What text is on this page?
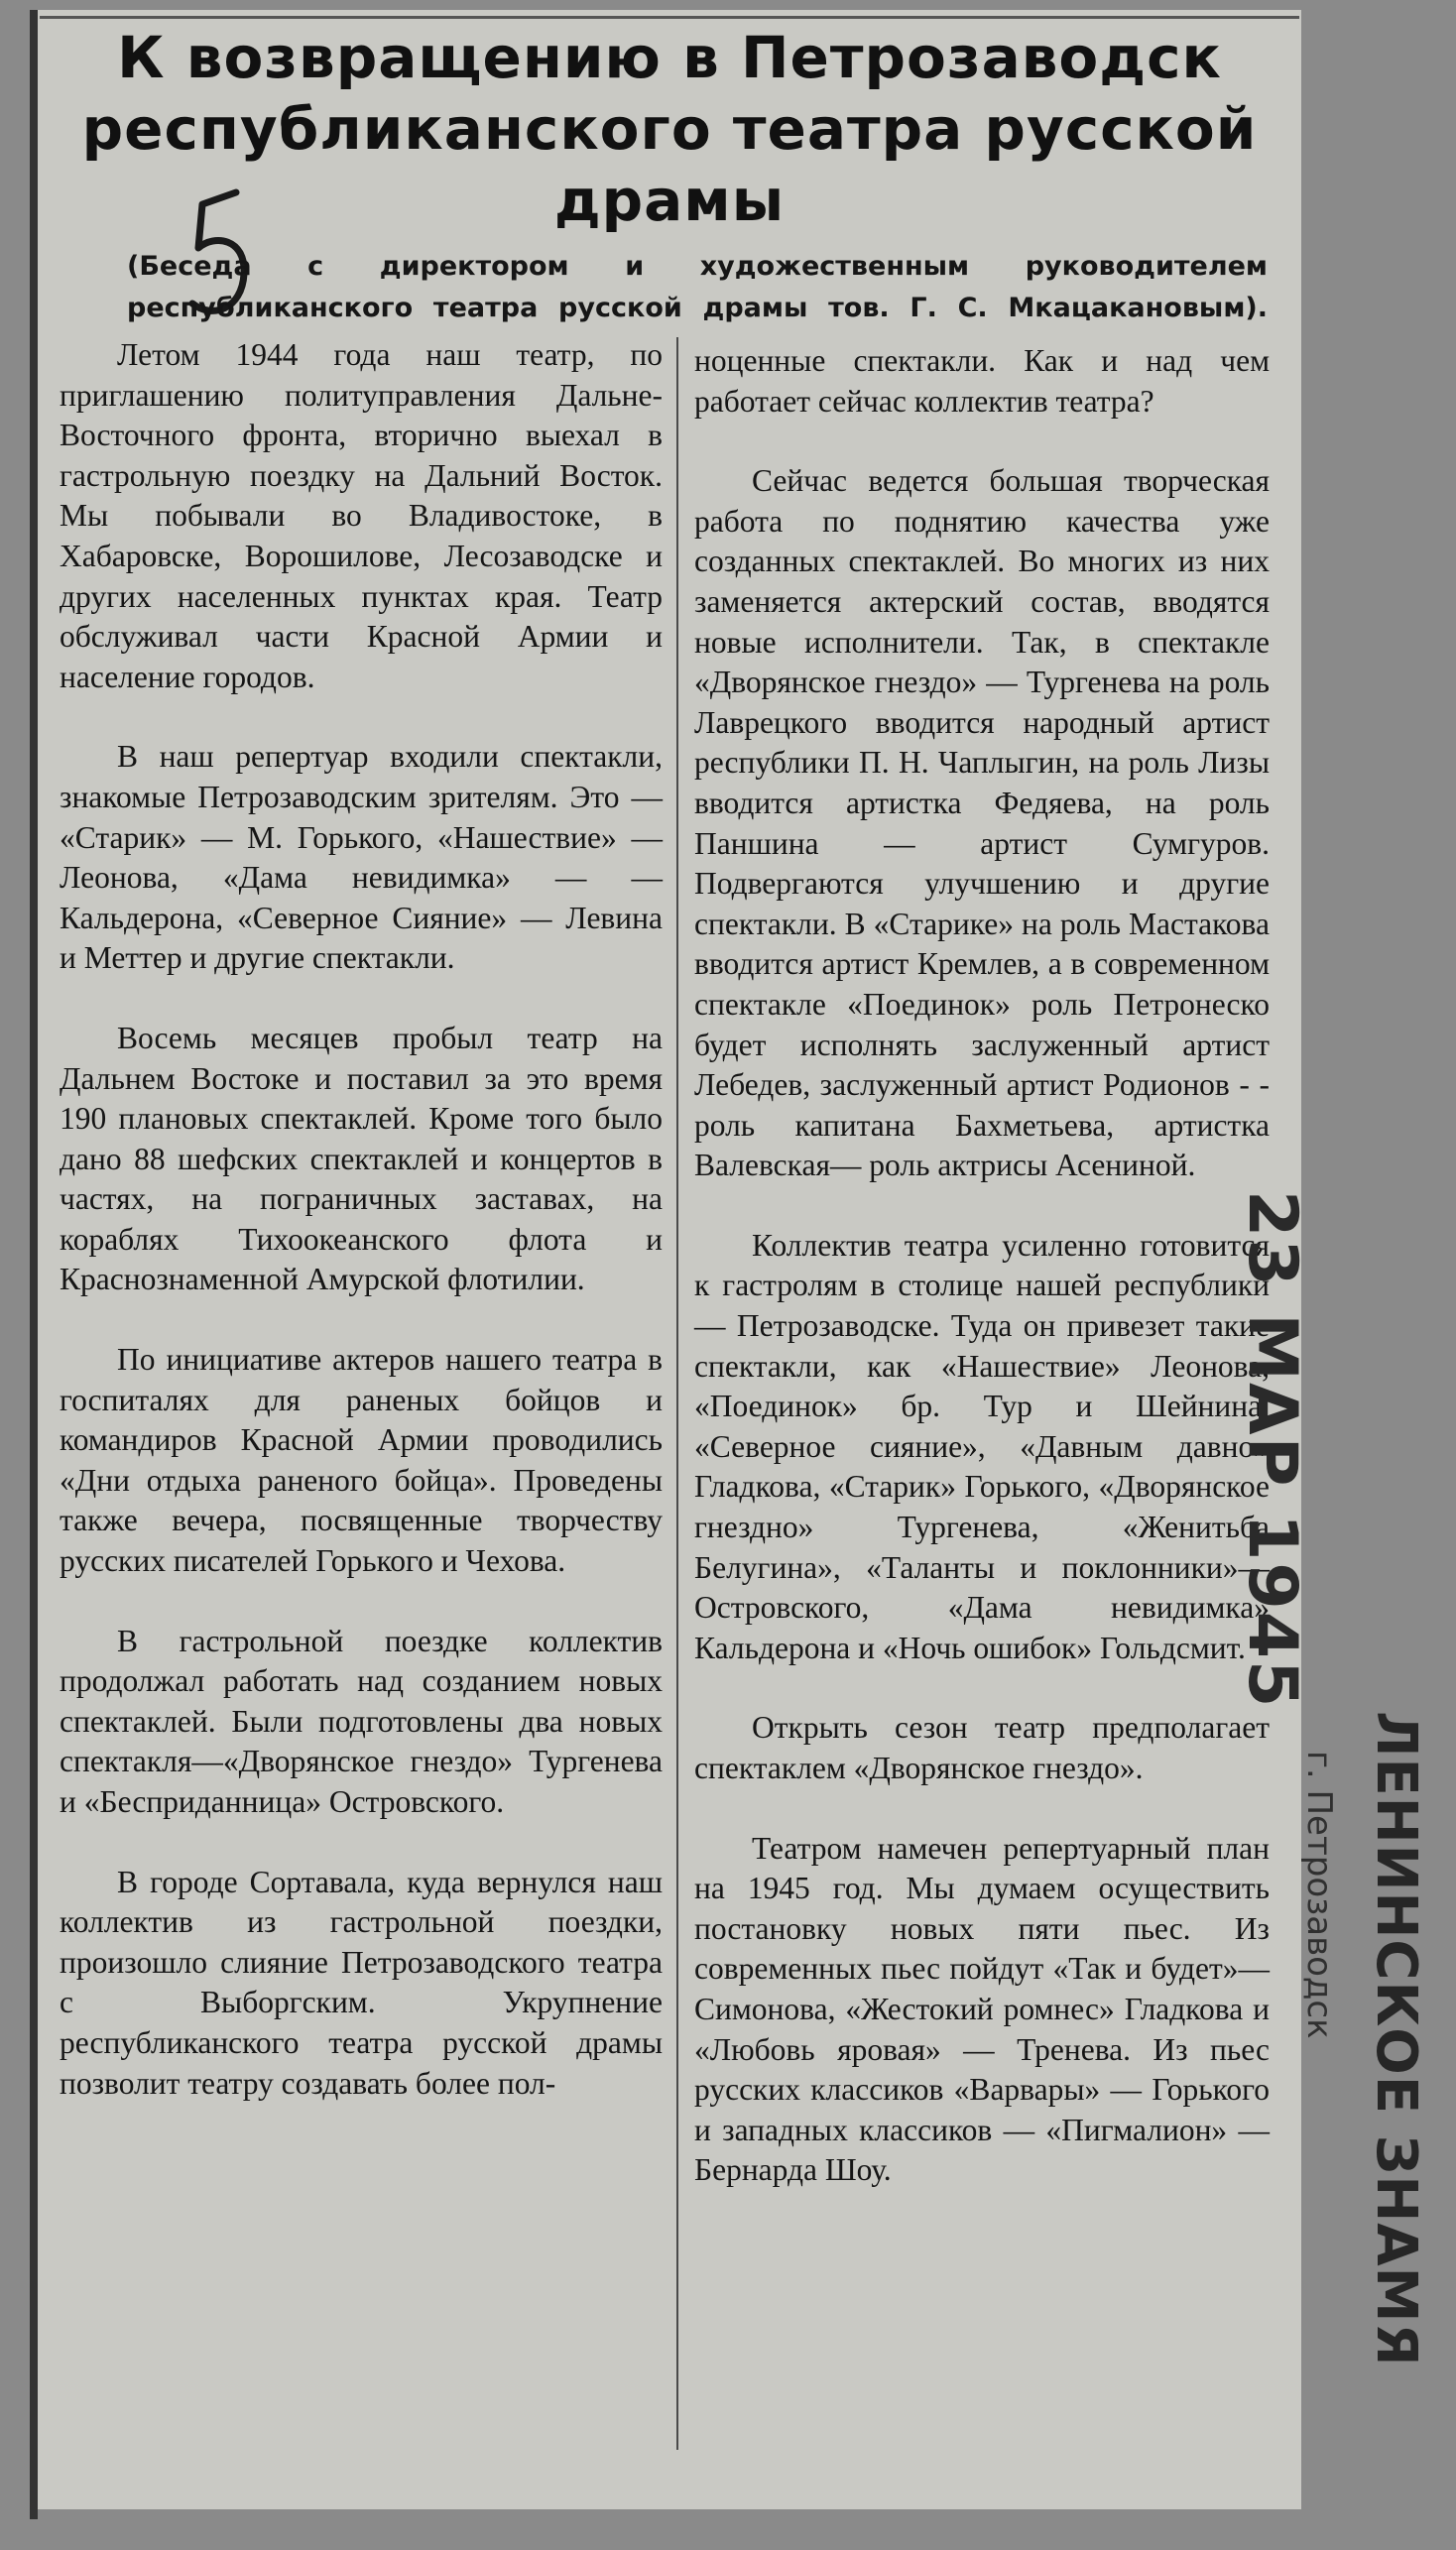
К возвращению в Петрозаводск республиканского театра русской драмы
(Беседа с директором и художественным руководителем республиканского театра русской драмы тов. Г. С. Мкацакановым).

Летом 1944 года наш театр, по приглашению политуправления Дальне-Восточного фронта, вторично выехал в гастрольную поездку на Дальний Восток. Мы побывали во Владивостоке, в Хабаровске, Ворошилове, Лесозаводске и других населенных пунктах края. Театр обслуживал части Красной Армии и население городов.

В наш репертуар входили спектакли, знакомые Петрозаводским зрителям. Это — «Старик» — М. Горького, «Нашествие» — Леонова, «Дама невидимка» — — Кальдерона, «Северное Сияние» — Левина и Меттер и другие спектакли.

Восемь месяцев пробыл театр на Дальнем Востоке и поставил за это время 190 плановых спектаклей. Кроме того было дано 88 шефских спектаклей и концертов в частях, на пограничных заставах, на кораблях Тихоокеанского флота и Краснознаменной Амурской флотилии.

По инициативе актеров нашего театра в госпиталях для раненых бойцов и командиров Красной Армии проводились «Дни отдыха раненого бойца». Проведены также вечера, посвященные творчеству русских писателей Горького и Чехова.

В гастрольной поездке коллектив продолжал работать над созданием новых спектаклей. Были подготовлены два новых спектакля—«Дворянское гнездо» Тургенева и «Бесприданница» Островского.

В городе Сортавала, куда вернулся наш коллектив из гастрольной поездки, произошло слияние Петрозаводского театра с Выборгским. Укрупнение республиканского театра русской драмы позволит театру создавать более пол-

ноценные спектакли. Как и над чем работает сейчас коллектив театра?

Сейчас ведется большая творческая работа по поднятию качества уже созданных спектаклей. Во многих из них заменяется актерский состав, вводятся новые исполнители. Так, в спектакле «Дворянское гнездо» — Тургенева на роль Лаврецкого вводится народный артист республики П. Н. Чаплыгин, на роль Лизы вводится артистка Федяева, на роль Паншина — артист Сумгуров. Подвергаются улучшению и другие спектакли. В «Старике» на роль Мастакова вводится артист Кремлев, а в современном спектакле «Поединок» роль Петронеско будет исполнять заслуженный артист Лебедев, заслуженный артист Родионов - - роль капитана Бахметьева, артистка Валевская— роль актрисы Асениной.

Коллектив театра усиленно готовится к гастролям в столице нашей республики — Петрозаводске. Туда он привезет такие спектакли, как «Нашествие» Леонова, «Поединок» бр. Тур и Шейнина, «Северное сияние», «Давным давно» Гладкова, «Старик» Горького, «Дворянское гнездно» Тургенева, «Женитьба Белугина», «Таланты и поклонники»— Островского, «Дама невидимка» Кальдерона и «Ночь ошибок» Гольдсмит.

Открыть сезон театр предполагает спектаклем «Дворянское гнездо».

Театром намечен репертуарный план на 1945 год. Мы думаем осуществить постановку новых пяти пьес. Из современных пьес пойдут «Так и будет»—Симонова, «Жестокий ромнес» Гладкова и «Любовь яровая» — Тренева. Из пьес русских классиков «Варвары» — Горького и западных классиков — «Пигмалион» — Бернарда Шоу.

23 МАР 1945
ЛЕНИНСКОЕ ЗНАМЯ
г. Петрозаводск
